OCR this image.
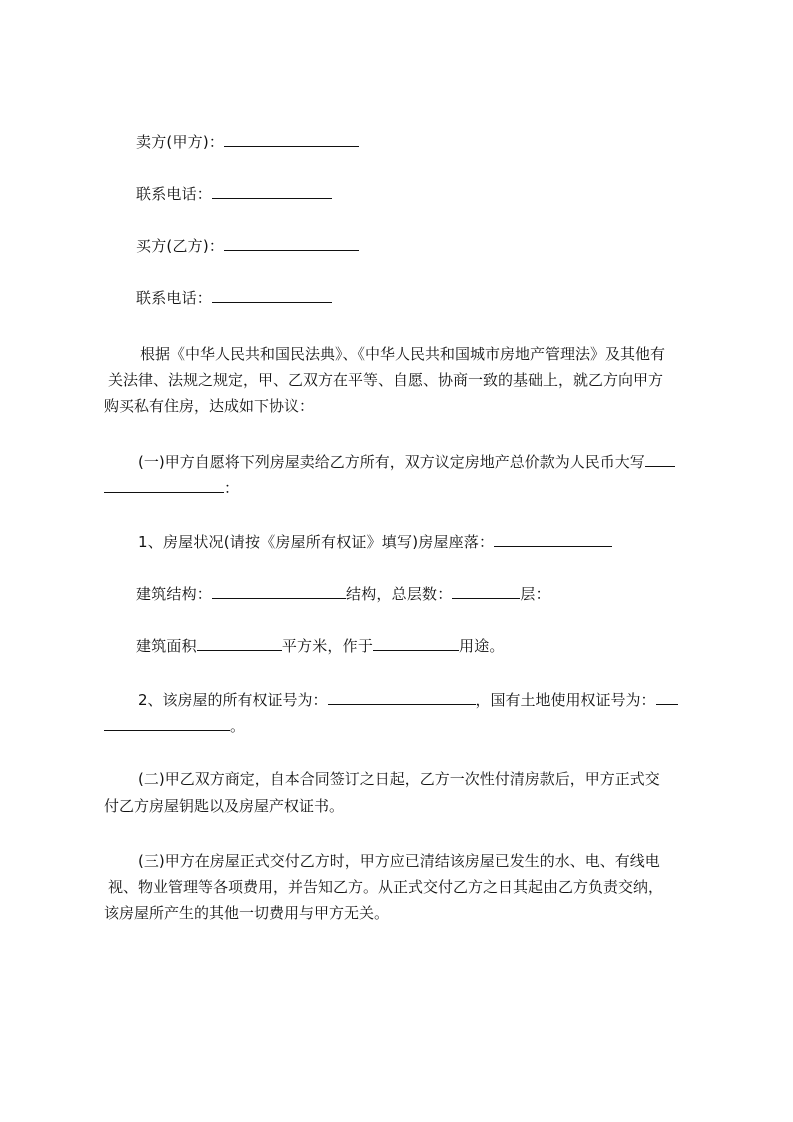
卖方(甲方)：
联系电话：
买方(乙方)：
联系电话：
根据《中华人民共和国民法典》、《中华人民共和国城市房地产管理法》及其他有
关法律、法规之规定，甲、乙双方在平等、自愿、协商一致的基础上，就乙方向甲方
购买私有住房，达成如下协议：
(一)甲方自愿将下列房屋卖给乙方所有，双方议定房地产总价款为人民币大写
：
1、房屋状况(请按《房屋所有权证》填写)房屋座落：
建筑结构：	结构，总层数：	层：
建筑面积	平方米，作于	用途。
2、该房屋的所有权证号为：	，国有土地使用权证号为：
。
(二)甲乙双方商定，自本合同签订之日起，乙方一次性付清房款后，甲方正式交
付乙方房屋钥匙以及房屋产权证书。
(三)甲方在房屋正式交付乙方时，甲方应已清结该房屋已发生的水、电、有线电
视、物业管理等各项费用，并告知乙方。从正式交付乙方之日其起由乙方负责交纳，
该房屋所产生的其他一切费用与甲方无关。
